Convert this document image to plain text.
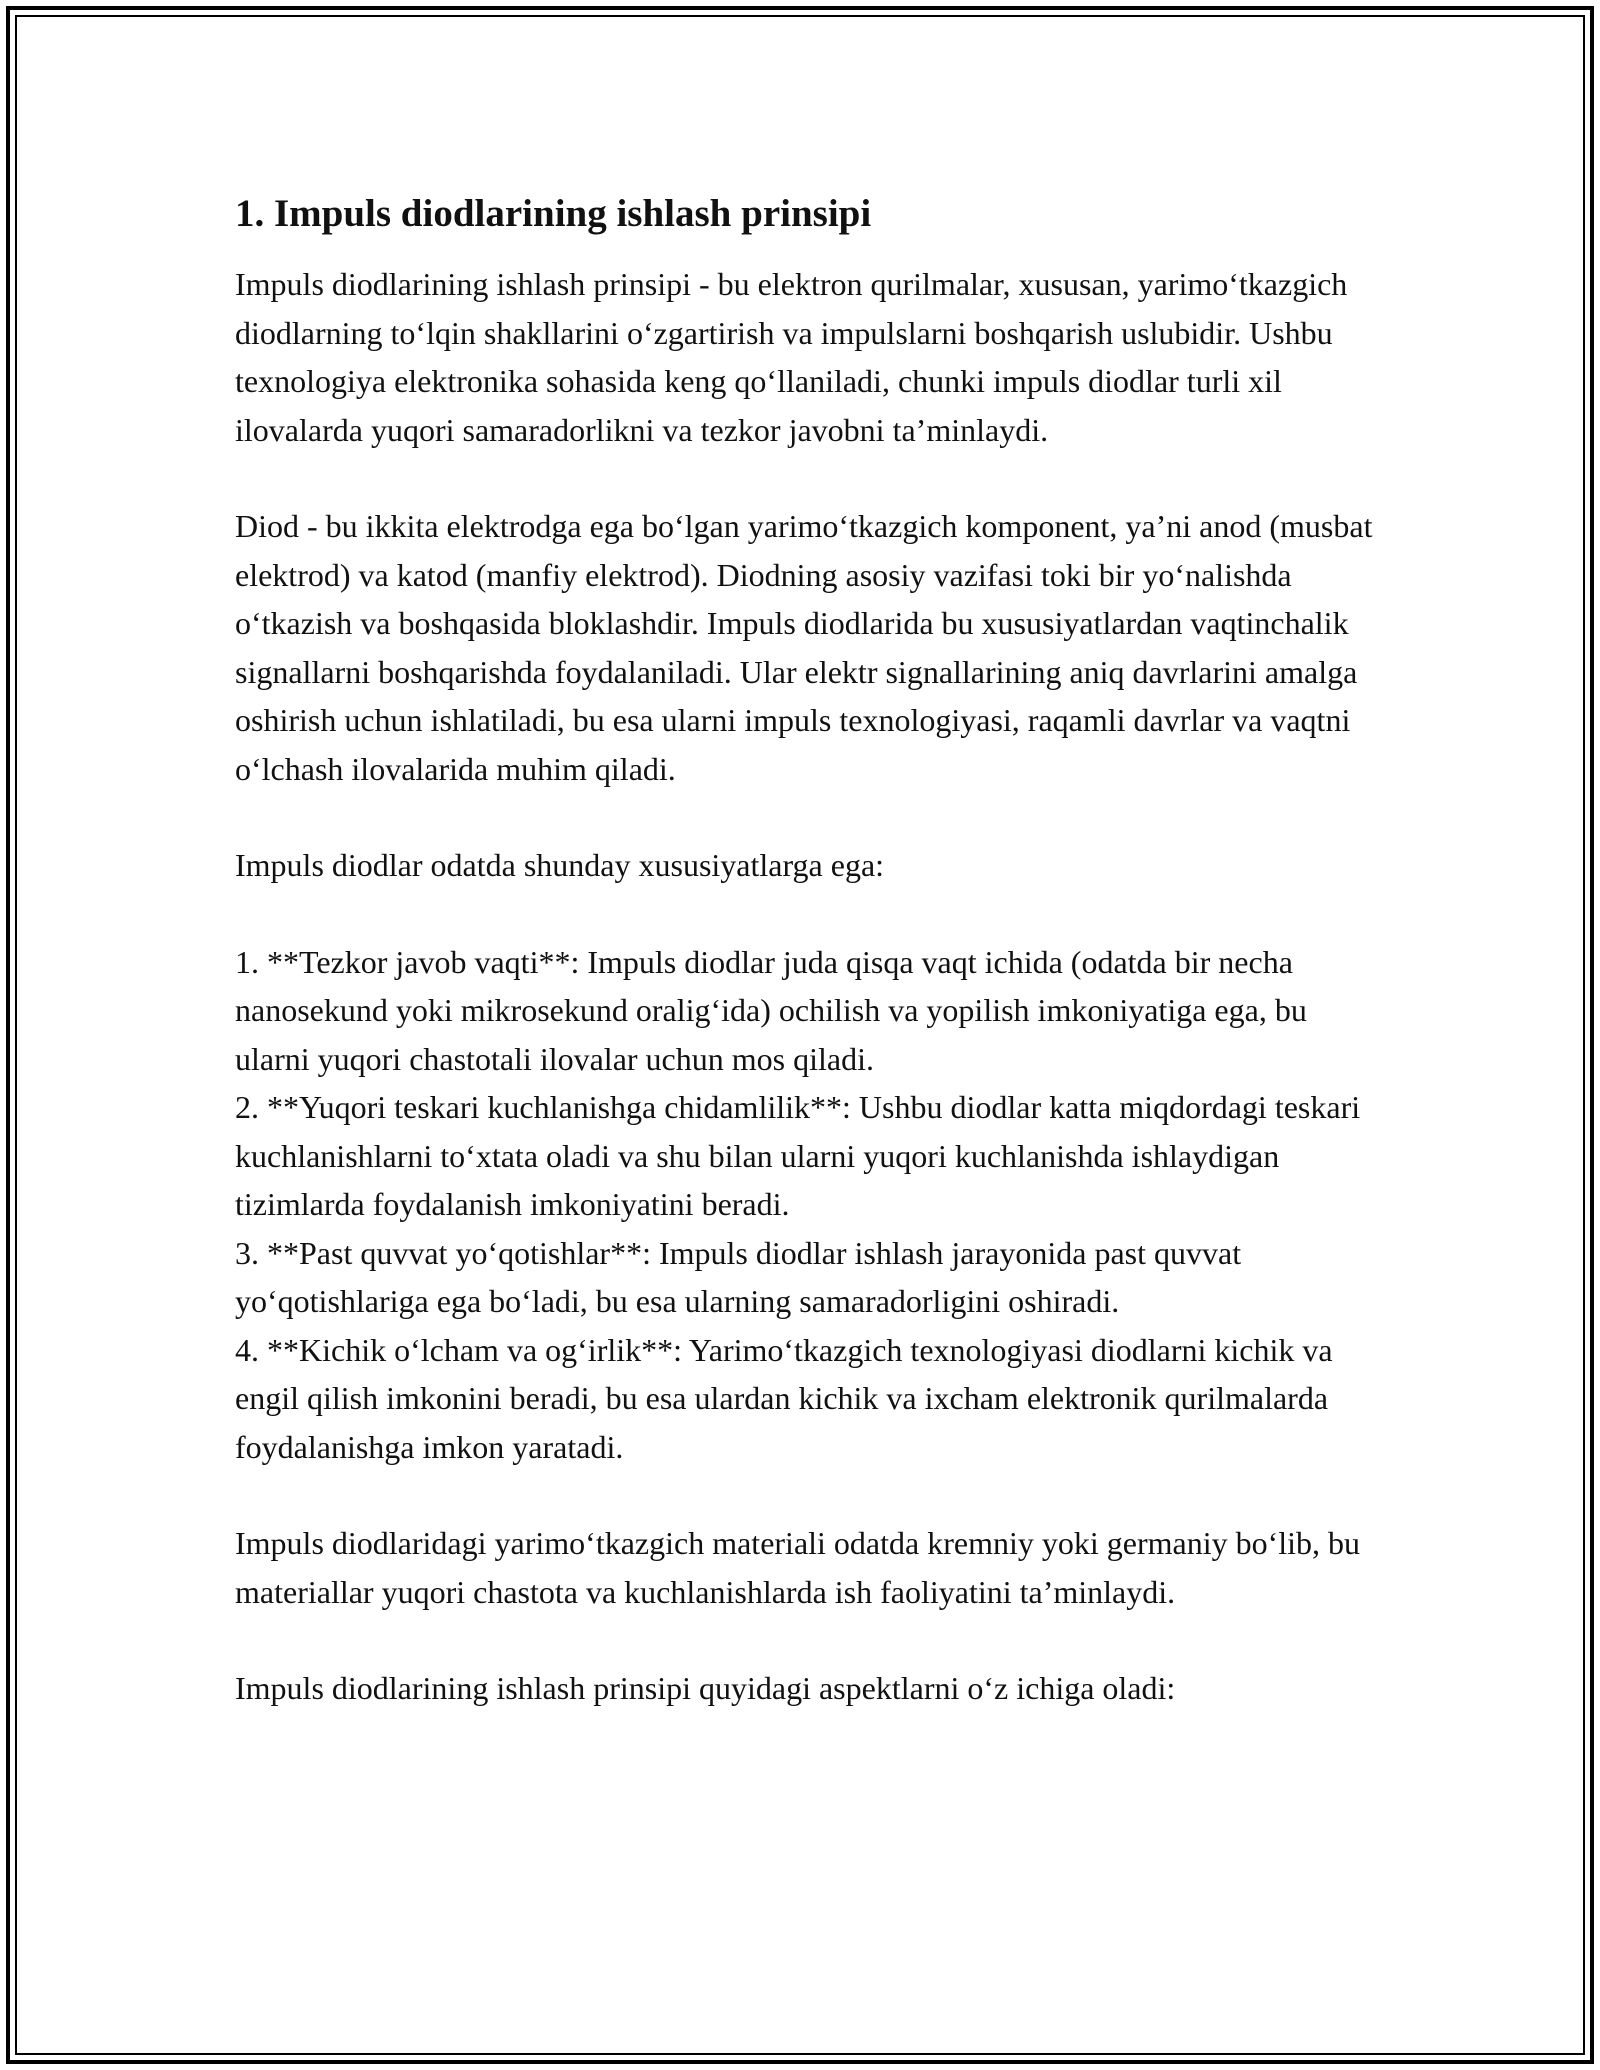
1. Impuls diodlarining ishlash prinsipi

Impuls diodlarining ishlash prinsipi - bu elektron qurilmalar, xususan, yarimo‘tkazgich diodlarning to‘lqin shakllarini o‘zgartirish va impulslarni boshqarish uslubidir. Ushbu texnologiya elektronika sohasida keng qo‘llaniladi, chunki impuls diodlar turli xil ilovalarda yuqori samaradorlikni va tezkor javobni ta’minlaydi.

Diod - bu ikkita elektrodga ega bo‘lgan yarimo‘tkazgich komponent, ya’ni anod (musbat elektrod) va katod (manfiy elektrod). Diodning asosiy vazifasi toki bir yo‘nalishda o‘tkazish va boshqasida bloklashdir. Impuls diodlarida bu xususiyatlardan vaqtinchalik signallarni boshqarishda foydalaniladi. Ular elektr signallarining aniq davrlarini amalga oshirish uchun ishlatiladi, bu esa ularni impuls texnologiyasi, raqamli davrlar va vaqtni o‘lchash ilovalarida muhim qiladi.

Impuls diodlar odatda shunday xususiyatlarga ega:

1. **Tezkor javob vaqti**: Impuls diodlar juda qisqa vaqt ichida (odatda bir necha nanosekund yoki mikrosekund oralig‘ida) ochilish va yopilish imkoniyatiga ega, bu ularni yuqori chastotali ilovalar uchun mos qiladi.
2. **Yuqori teskari kuchlanishga chidamlilik**: Ushbu diodlar katta miqdordagi teskari kuchlanishlarni to‘xtata oladi va shu bilan ularni yuqori kuchlanishda ishlaydigan tizimlarda foydalanish imkoniyatini beradi.
3. **Past quvvat yo‘qotishlar**: Impuls diodlar ishlash jarayonida past quvvat yo‘qotishlariga ega bo‘ladi, bu esa ularning samaradorligini oshiradi.
4. **Kichik o‘lcham va og‘irlik**: Yarimo‘tkazgich texnologiyasi diodlarni kichik va engil qilish imkonini beradi, bu esa ulardan kichik va ixcham elektronik qurilmalarda foydalanishga imkon yaratadi.

Impuls diodlaridagi yarimo‘tkazgich materiali odatda kremniy yoki germaniy bo‘lib, bu materiallar yuqori chastota va kuchlanishlarda ish faoliyatini ta’minlaydi.

Impuls diodlarining ishlash prinsipi quyidagi aspektlarni o‘z ichiga oladi:
